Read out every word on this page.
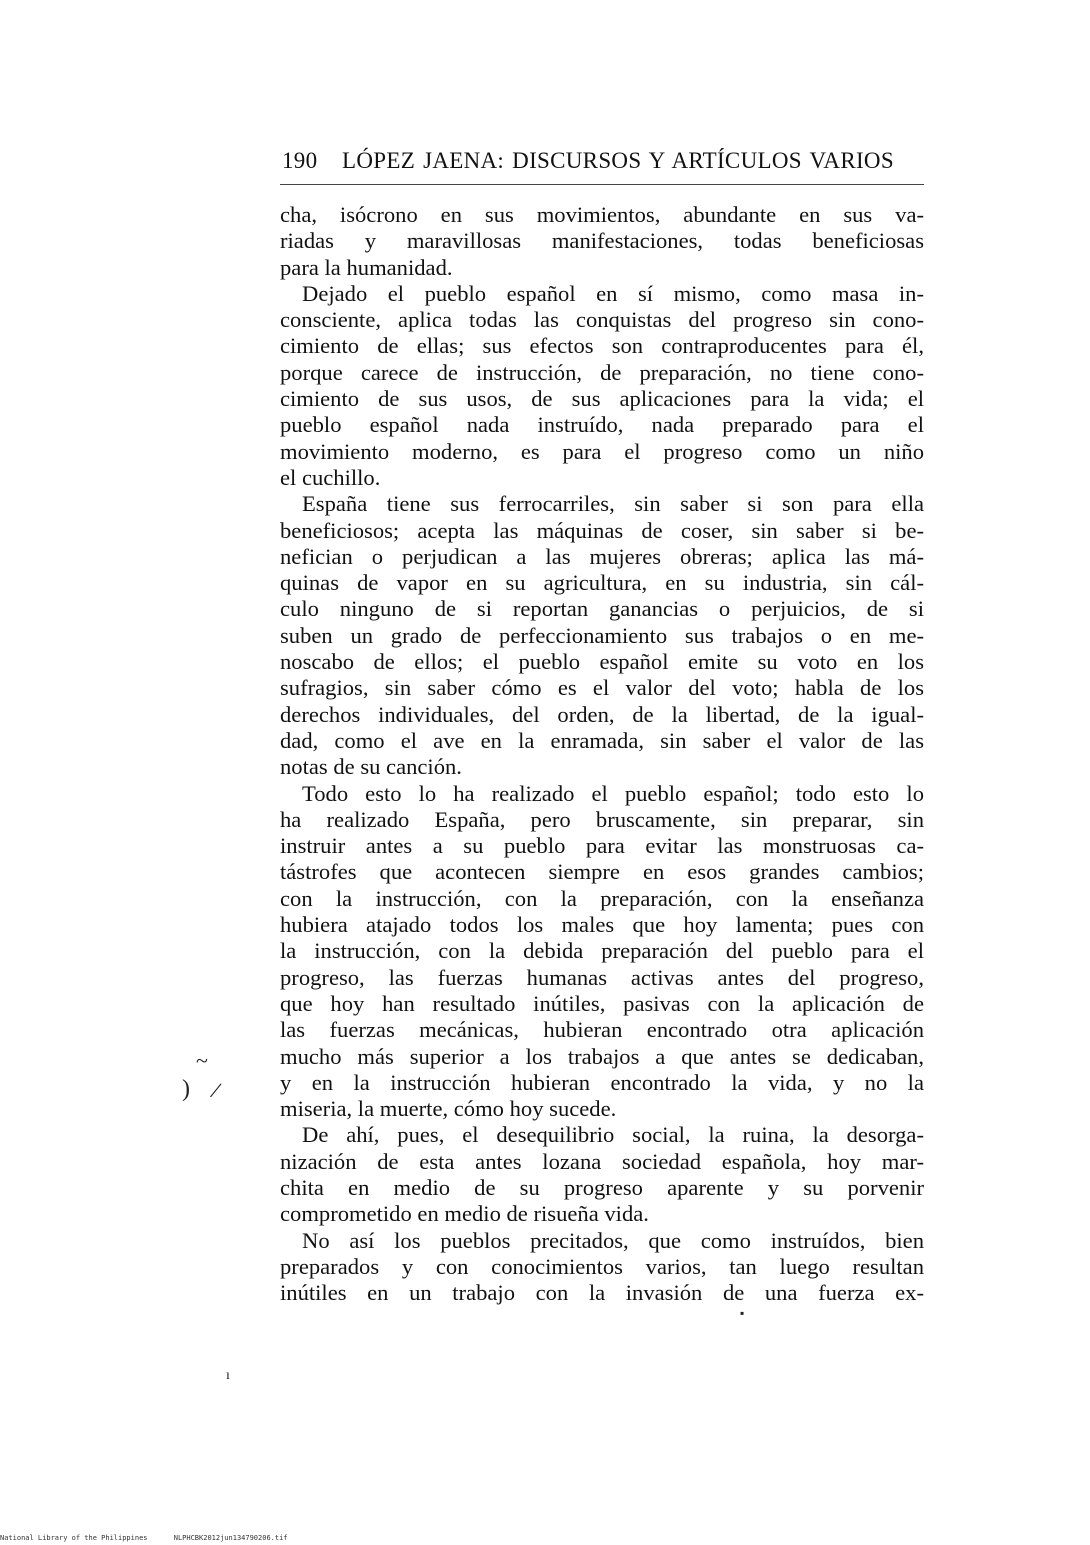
190 LÓPEZ JAENA: DISCURSOS Y ARTÍCULOS VARIOS
cha, isócrono en sus movimientos, abundante en sus va-
riadas y maravillosas manifestaciones, todas beneficiosas
para la humanidad.
Dejado el pueblo español en sí mismo, como masa in-
consciente, aplica todas las conquistas del progreso sin cono-
cimiento de ellas; sus efectos son contraproducentes para él,
porque carece de instrucción, de preparación, no tiene cono-
cimiento de sus usos, de sus aplicaciones para la vida; el
pueblo español nada instruído, nada preparado para el
movimiento moderno, es para el progreso como un niño
el cuchillo.
España tiene sus ferrocarriles, sin saber si son para ella
beneficiosos; acepta las máquinas de coser, sin saber si be-
nefician o perjudican a las mujeres obreras; aplica las má-
quinas de vapor en su agricultura, en su industria, sin cál-
culo ninguno de si reportan ganancias o perjuicios, de si
suben un grado de perfeccionamiento sus trabajos o en me-
noscabo de ellos; el pueblo español emite su voto en los
sufragios, sin saber cómo es el valor del voto; habla de los
derechos individuales, del orden, de la libertad, de la igual-
dad, como el ave en la enramada, sin saber el valor de las
notas de su canción.
Todo esto lo ha realizado el pueblo español; todo esto lo
ha realizado España, pero bruscamente, sin preparar, sin
instruir antes a su pueblo para evitar las monstruosas ca-
tástrofes que acontecen siempre en esos grandes cambios;
con la instrucción, con la preparación, con la enseñanza
hubiera atajado todos los males que hoy lamenta; pues con
la instrucción, con la debida preparación del pueblo para el
progreso, las fuerzas humanas activas antes del progreso,
que hoy han resultado inútiles, pasivas con la aplicación de
las fuerzas mecánicas, hubieran encontrado otra aplicación
mucho más superior a los trabajos a que antes se dedicaban,
y en la instrucción hubieran encontrado la vida, y no la
miseria, la muerte, cómo hoy sucede.
De ahí, pues, el desequilibrio social, la ruina, la desorga-
nización de esta antes lozana sociedad española, hoy mar-
chita en medio de su progreso aparente y su porvenir
comprometido en medio de risueña vida.
No así los pueblos precitados, que como instruídos, bien
preparados y con conocimientos varios, tan luego resultan
inútiles en un trabajo con la invasión de una fuerza ex-
~
) /
ı
▪
National Library of the Philippines	NLPHCBK2012jun134790206.tif
